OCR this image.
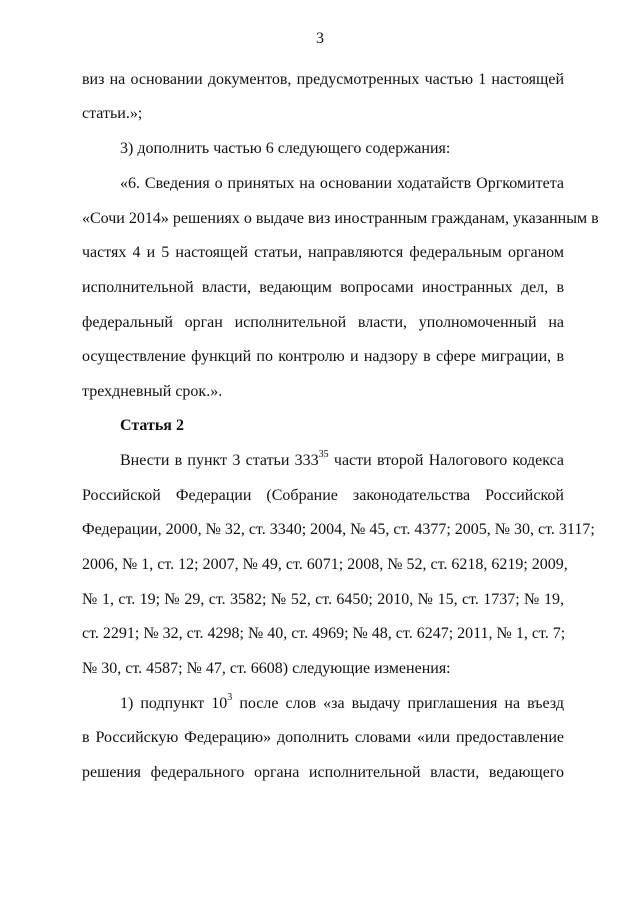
3
виз на основании документов, предусмотренных частью 1 настоящей
статьи.»;
3) дополнить частью 6 следующего содержания:
«6. Сведения о принятых на основании ходатайств Оргкомитета
«Сочи 2014» решениях о выдаче виз иностранным гражданам, указанным в
частях 4 и 5 настоящей статьи, направляются федеральным органом
исполнительной власти, ведающим вопросами иностранных дел, в
федеральный орган исполнительной власти, уполномоченный на
осуществление функций по контролю и надзору в сфере миграции, в
трехдневный срок.».
Статья 2
Внести в пункт 3 статьи $333^{35}$ части второй Налогового кодекса
Российской Федерации (Собрание законодательства Российской
Федерации, 2000, № 32, ст. 3340; 2004, № 45, ст. 4377; 2005, № 30, ст. 3117;
2006, № 1, ст. 12; 2007, № 49, ст. 6071; 2008, № 52, ст. 6218, 6219; 2009,
№ 1, ст. 19; № 29, ст. 3582; № 52, ст. 6450; 2010, № 15, ст. 1737; № 19,
ст. 2291; № 32, ст. 4298; № 40, ст. 4969; № 48, ст. 6247; 2011, № 1, ст. 7;
№ 30, ст. 4587; № 47, ст. 6608) следующие изменения:
1) подпункт $10^3$ после слов «за выдачу приглашения на въезд
в Российскую Федерацию» дополнить словами «или предоставление
решения федерального органа исполнительной власти, ведающего
